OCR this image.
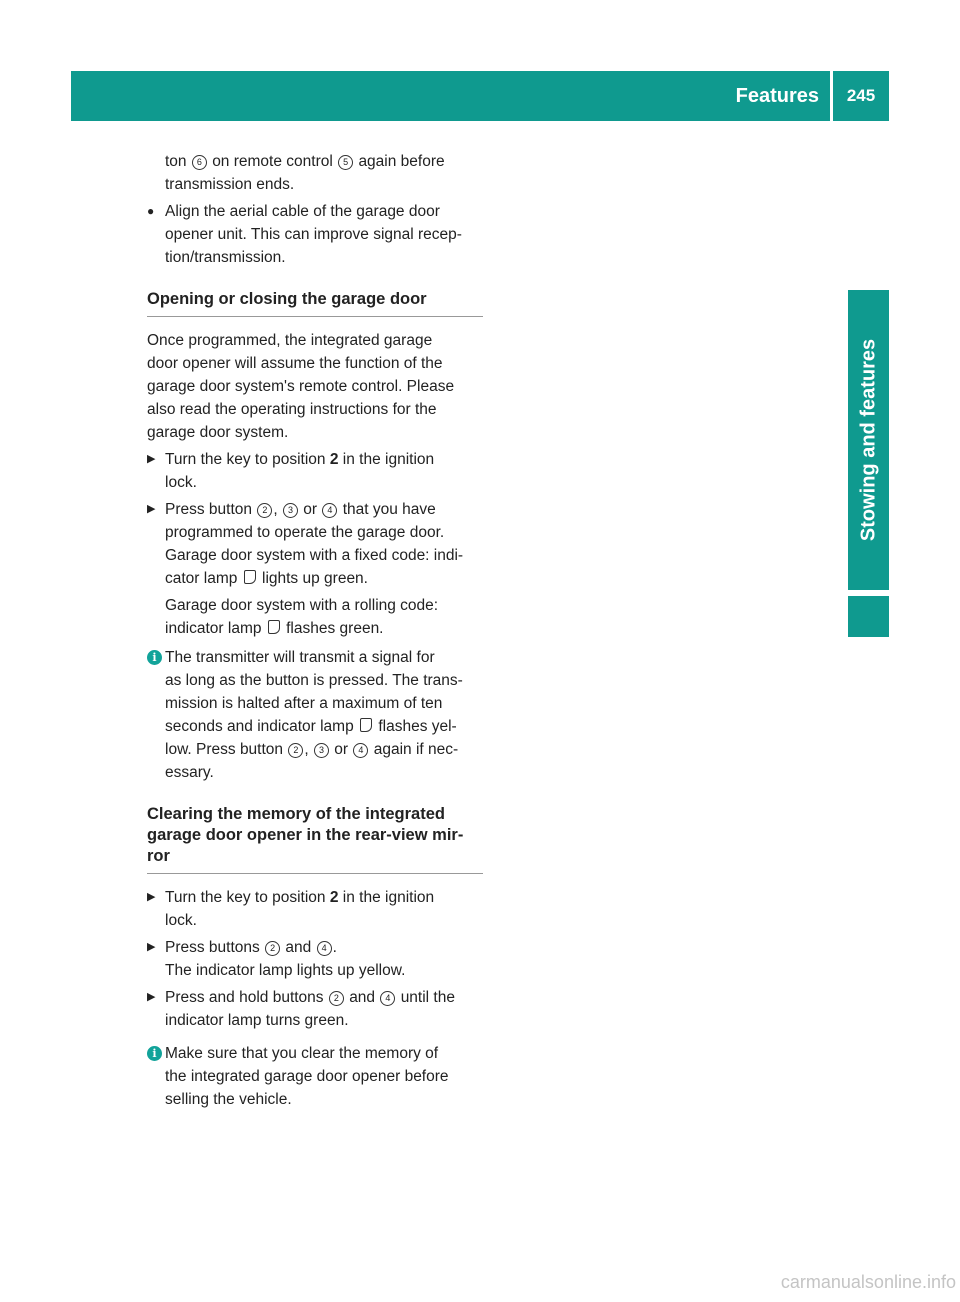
Features	245
Stowing and features
ton 6 on remote control 5 again before
transmission ends.
● Align the aerial cable of the garage door
opener unit. This can improve signal recep-
tion/transmission.
Opening or closing the garage door
Once programmed, the integrated garage
door opener will assume the function of the
garage door system's remote control. Please
also read the operating instructions for the
garage door system.
▶ Turn the key to position 2 in the ignition
lock.
▶ Press button 2 , 3 or 4 that you have
programmed to operate the garage door.
Garage door system with a fixed code: indi-
cator lamp lights up green.
Garage door system with a rolling code:
indicator lamp flashes green.
i The transmitter will transmit a signal for
as long as the button is pressed. The trans-
mission is halted after a maximum of ten
seconds and indicator lamp flashes yel-
low. Press button 2 , 3 or 4 again if nec-
essary.
Clearing the memory of the integrated
garage door opener in the rear-view mir-
ror
▶ Turn the key to position 2 in the ignition
lock.
▶ Press buttons 2 and 4 .
The indicator lamp lights up yellow.
▶ Press and hold buttons 2 and 4 until the
indicator lamp turns green.
i Make sure that you clear the memory of
the integrated garage door opener before
selling the vehicle.
carmanualsonline.info
